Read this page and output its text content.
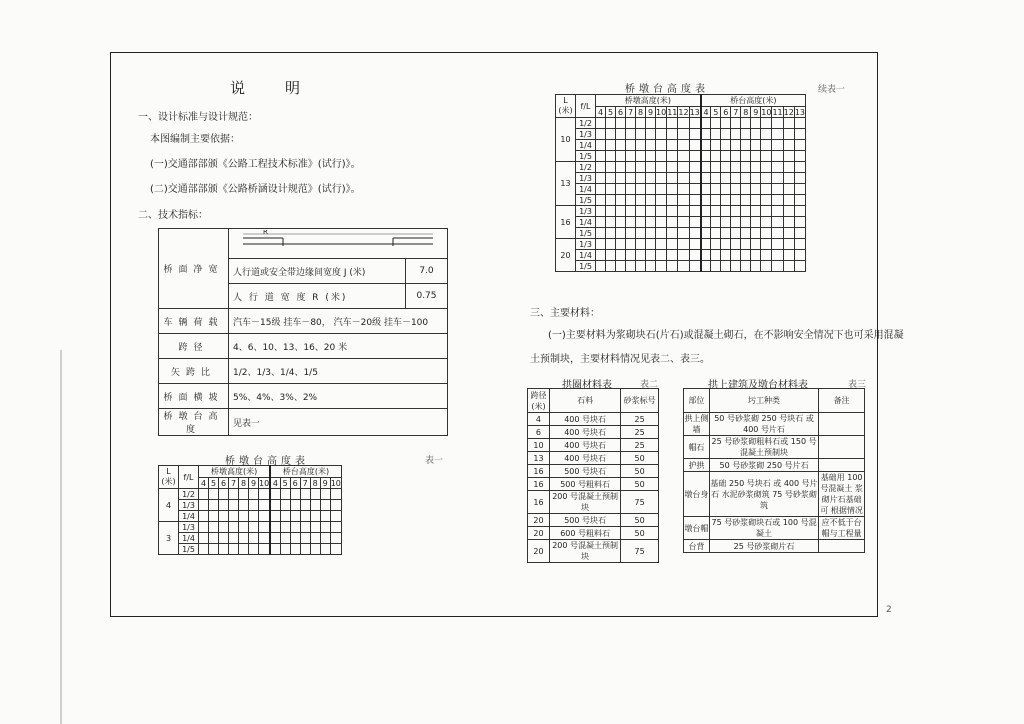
说明
一、设计标准与设计规范：
本图编制主要依据：
(一)交通部部颁《公路工程技术标准》(试行)》。
(二)交通部部颁《公路桥涵设计规范》(试行)》。
二、技术指标：
桥面净宽	R	

	人行道或安全带边缘间宽度 J (米)	7.0
	人 行 道 宽 度 R (米)	0.75
车辆荷载	汽车－15级 挂车－80， 汽车－20级 挂车－100	
跨径	4、6、10、13、16、20 米	
矢跨比	1/2、1/3、1/4、1/5	
桥面横坡	5%、4%、3%、2%	
桥墩台高度	见表一	
桥墩台高度表	表一
L (米)	f/L	桥墩高度(米)							桥台高度(米)						
		4	5	6	7	8	9	10	4	5	6	7	8	9	10
4	1/2														
	1/3														
	1/4														
3	1/3														
	1/4														
	1/5														
桥墩台高度表	续表一
L (米)	f/L	桥墩高度(米)										桥台高度(米)									
		4	5	6	7	8	9	10	11	12	13	4	5	6	7	8	9	10	11	12	13
10	1/2																				
	1/3																				
	1/4																				
	1/5																				
13	1/2																				
	1/3																				
	1/4																				
	1/5																				
16	1/3																				
	1/4																				
	1/5																				
20	1/3																				
	1/4																				
	1/5																				
三、主要材料：
(一)主要材料为浆砌块石(片石)或混凝土砌石，在不影响安全情况下也可采用混凝
土预制块，主要材料情况见表二、表三。
拱圈材料表	表二
跨径(米)	石料	砂浆标号
4	400 号块石	25
6	400 号块石	25
10	400 号块石	25
13	400 号块石	50
16	500 号块石	50
16	500 号粗料石	50
16	200 号混凝土预制块	75
20	500 号块石	50
20	600 号粗料石	50
20	200 号混凝土预制块	75
拱上建筑及墩台材料表	表三
部位	圬工种类	备注
拱上侧墙	50 号砂浆砌 250 号块石 或 400 号片石	
帽石	25 号砂浆砌粗料石或 150 号混凝土预制块	
护拱	50 号砂浆砌 250 号片石	
墩台身	基础 250 号块石 或 400 号片石 水泥砂浆砌筑 75 号砂浆砌筑	基础用 100 号混凝土 浆砌片石基础可 根据情况
墩台帽	75 号砂浆砌块石或 100 号混凝土	应不低于台 帽与工程量
台背	25 号砂浆砌片石	
2
